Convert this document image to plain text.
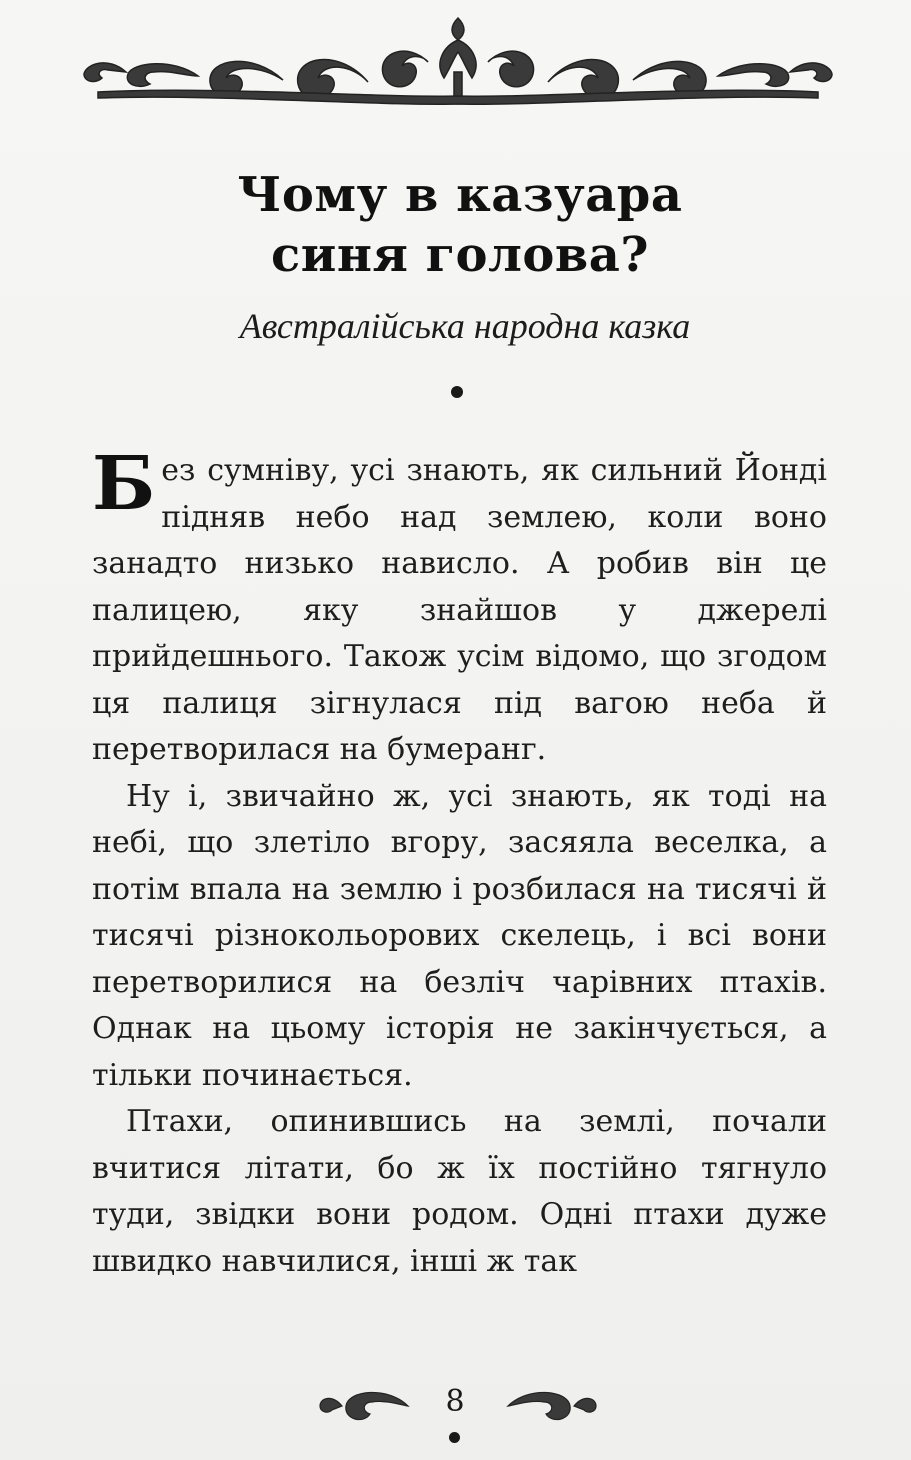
Чому в казуара
синя голова?
Австралійська народна казка

Без сумніву, усі знають, як сильний Йонді підняв небо над землею, коли воно занадто низько нависло. А робив він це палицею, яку знайшов у джерелі прийдешнього. Також усім відомо, що згодом ця палиця зігнулася під вагою неба й перетворилася на бумеранг.

Ну і, звичайно ж, усі знають, як тоді на небі, що злетіло вгору, засяяла веселка, а потім впала на землю і розбилася на тисячі й тисячі різнокольорових скелець, і всі вони перетворилися на безліч чарівних птахів. Однак на цьому історія не закінчується, а тільки починається.

Птахи, опинившись на землі, почали вчитися літати, бо ж їх постійно тягнуло туди, звідки вони родом. Одні птахи дуже швидко навчилися, інші ж так

8
